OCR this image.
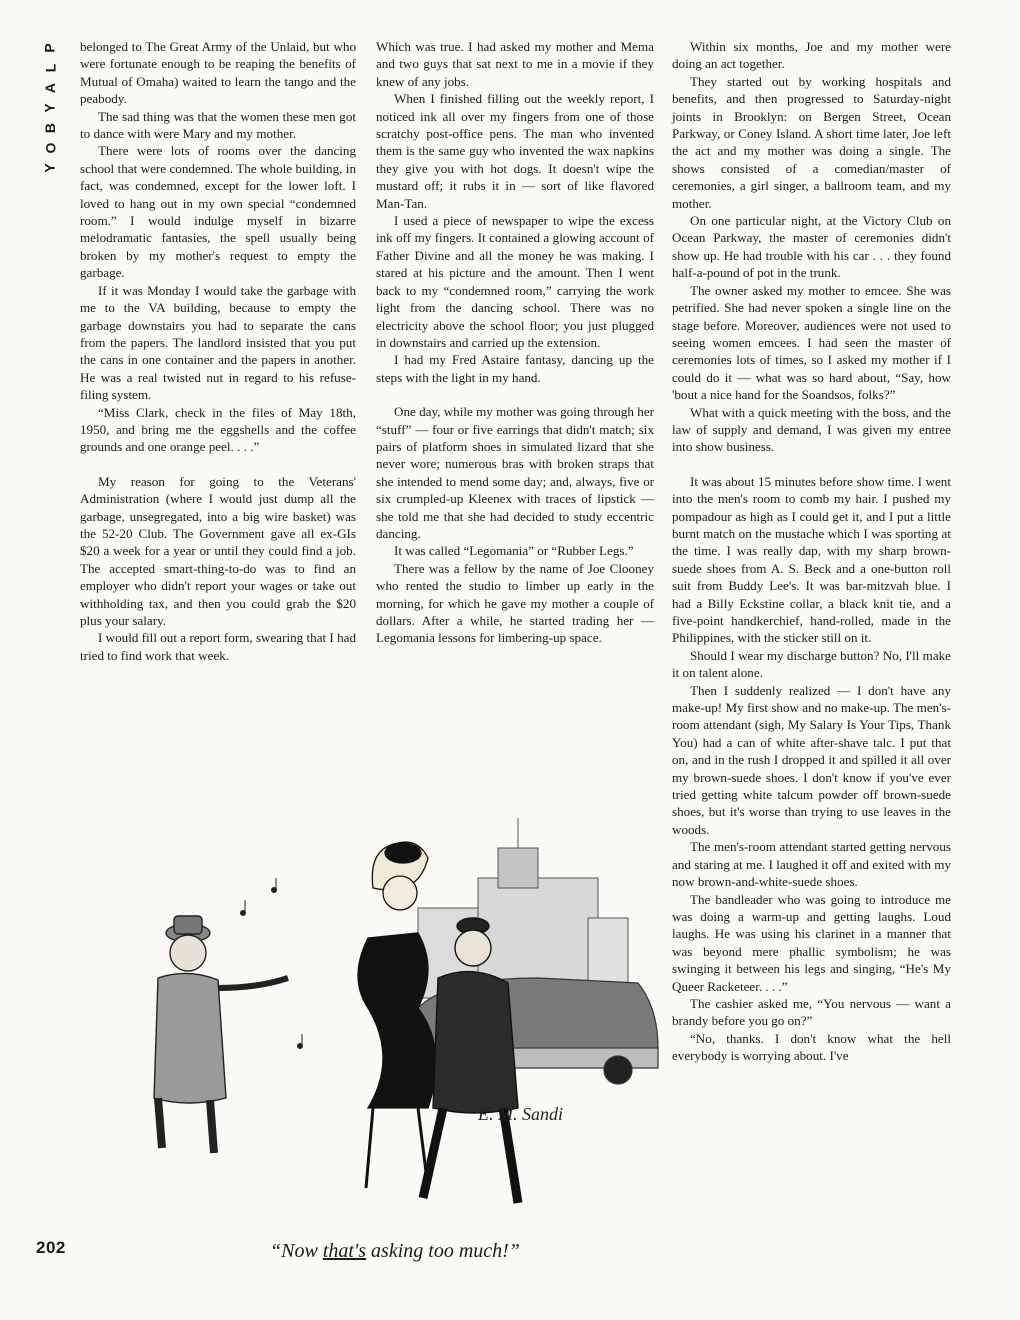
P
L
A
Y
B
O
Y

belonged to The Great Army of the Unlaid, but who were fortunate enough to be reaping the benefits of Mutual of Omaha) waited to learn the tango and the peabody.

The sad thing was that the women these men got to dance with were Mary and my mother.

There were lots of rooms over the dancing school that were condemned. The whole building, in fact, was condemned, except for the lower loft. I loved to hang out in my own special “condemned room.” I would indulge myself in bizarre melodramatic fantasies, the spell usually being broken by my mother's request to empty the garbage.

If it was Monday I would take the garbage with me to the VA building, because to empty the garbage downstairs you had to separate the cans from the papers. The landlord insisted that you put the cans in one container and the papers in another. He was a real twisted nut in regard to his refuse-filing system.

“Miss Clark, check in the files of May 18th, 1950, and bring me the eggshells and the coffee grounds and one orange peel. . . .”

My reason for going to the Veterans' Administration (where I would just dump all the garbage, unsegregated, into a big wire basket) was the 52-20 Club. The Government gave all ex-GIs $20 a week for a year or until they could find a job. The accepted smart-thing-to-do was to find an employer who didn't report your wages or take out withholding tax, and then you could grab the $20 plus your salary.

I would fill out a report form, swearing that I had tried to find work that week.

Which was true. I had asked my mother and Mema and two guys that sat next to me in a movie if they knew of any jobs.

When I finished filling out the weekly report, I noticed ink all over my fingers from one of those scratchy post-office pens. The man who invented them is the same guy who invented the wax napkins they give you with hot dogs. It doesn't wipe the mustard off; it rubs it in — sort of like flavored Man-Tan.

I used a piece of newspaper to wipe the excess ink off my fingers. It contained a glowing account of Father Divine and all the money he was making. I stared at his picture and the amount. Then I went back to my “condemned room,” carrying the work light from the dancing school. There was no electricity above the school floor; you just plugged in downstairs and carried up the extension.

I had my Fred Astaire fantasy, dancing up the steps with the light in my hand.

One day, while my mother was going through her “stuff” — four or five earrings that didn't match; six pairs of platform shoes in simulated lizard that she never wore; numerous bras with broken straps that she intended to mend some day; and, always, five or six crumpled-up Kleenex with traces of lipstick — she told me that she had decided to study eccentric dancing.

It was called “Legomania” or “Rubber Legs.”

There was a fellow by the name of Joe Clooney who rented the studio to limber up early in the morning, for which he gave my mother a couple of dollars. After a while, he started trading her — Legomania lessons for limbering-up space.

Within six months, Joe and my mother were doing an act together.

They started out by working hospitals and benefits, and then progressed to Saturday-night joints in Brooklyn: on Bergen Street, Ocean Parkway, or Coney Island. A short time later, Joe left the act and my mother was doing a single. The shows consisted of a comedian/master of ceremonies, a girl singer, a ballroom team, and my mother.

On one particular night, at the Victory Club on Ocean Parkway, the master of ceremonies didn't show up. He had trouble with his car . . . they found half-a-pound of pot in the trunk.

The owner asked my mother to emcee. She was petrified. She had never spoken a single line on the stage before. Moreover, audiences were not used to seeing women emcees. I had seen the master of ceremonies lots of times, so I asked my mother if I could do it — what was so hard about, “Say, how 'bout a nice hand for the Soandsos, folks?”

What with a quick meeting with the boss, and the law of supply and demand, I was given my entree into show business.

It was about 15 minutes before show time. I went into the men's room to comb my hair. I pushed my pompadour as high as I could get it, and I put a little burnt match on the mustache which I was sporting at the time. I was really dap, with my sharp brown-suede shoes from A. S. Beck and a one-button roll suit from Buddy Lee's. It was bar-mitzvah blue. I had a Billy Eckstine collar, a black knit tie, and a five-point handkerchief, hand-rolled, made in the Philippines, with the sticker still on it.

Should I wear my discharge button? No, I'll make it on talent alone.

Then I suddenly realized — I don't have any make-up! My first show and no make-up. The men's-room attendant (sigh, My Salary Is Your Tips, Thank You) had a can of white after-shave talc. I put that on, and in the rush I dropped it and spilled it all over my brown-suede shoes. I don't know if you've ever tried getting white talcum powder off brown-suede shoes, but it's worse than trying to use leaves in the woods.

The men's-room attendant started getting nervous and staring at me. I laughed it off and exited with my now brown-and-white-suede shoes.

The bandleader who was going to introduce me was doing a warm-up and getting laughs. Loud laughs. He was using his clarinet in a manner that was beyond mere phallic symbolism; he was swinging it between his legs and singing, “He's My Queer Racketeer. . . .”

The cashier asked me, “You nervous — want a brandy before you go on?”

“No, thanks. I don't know what the hell everybody is worrying about. I've

E. M. Sandi
“Now that's asking too much!”
202
